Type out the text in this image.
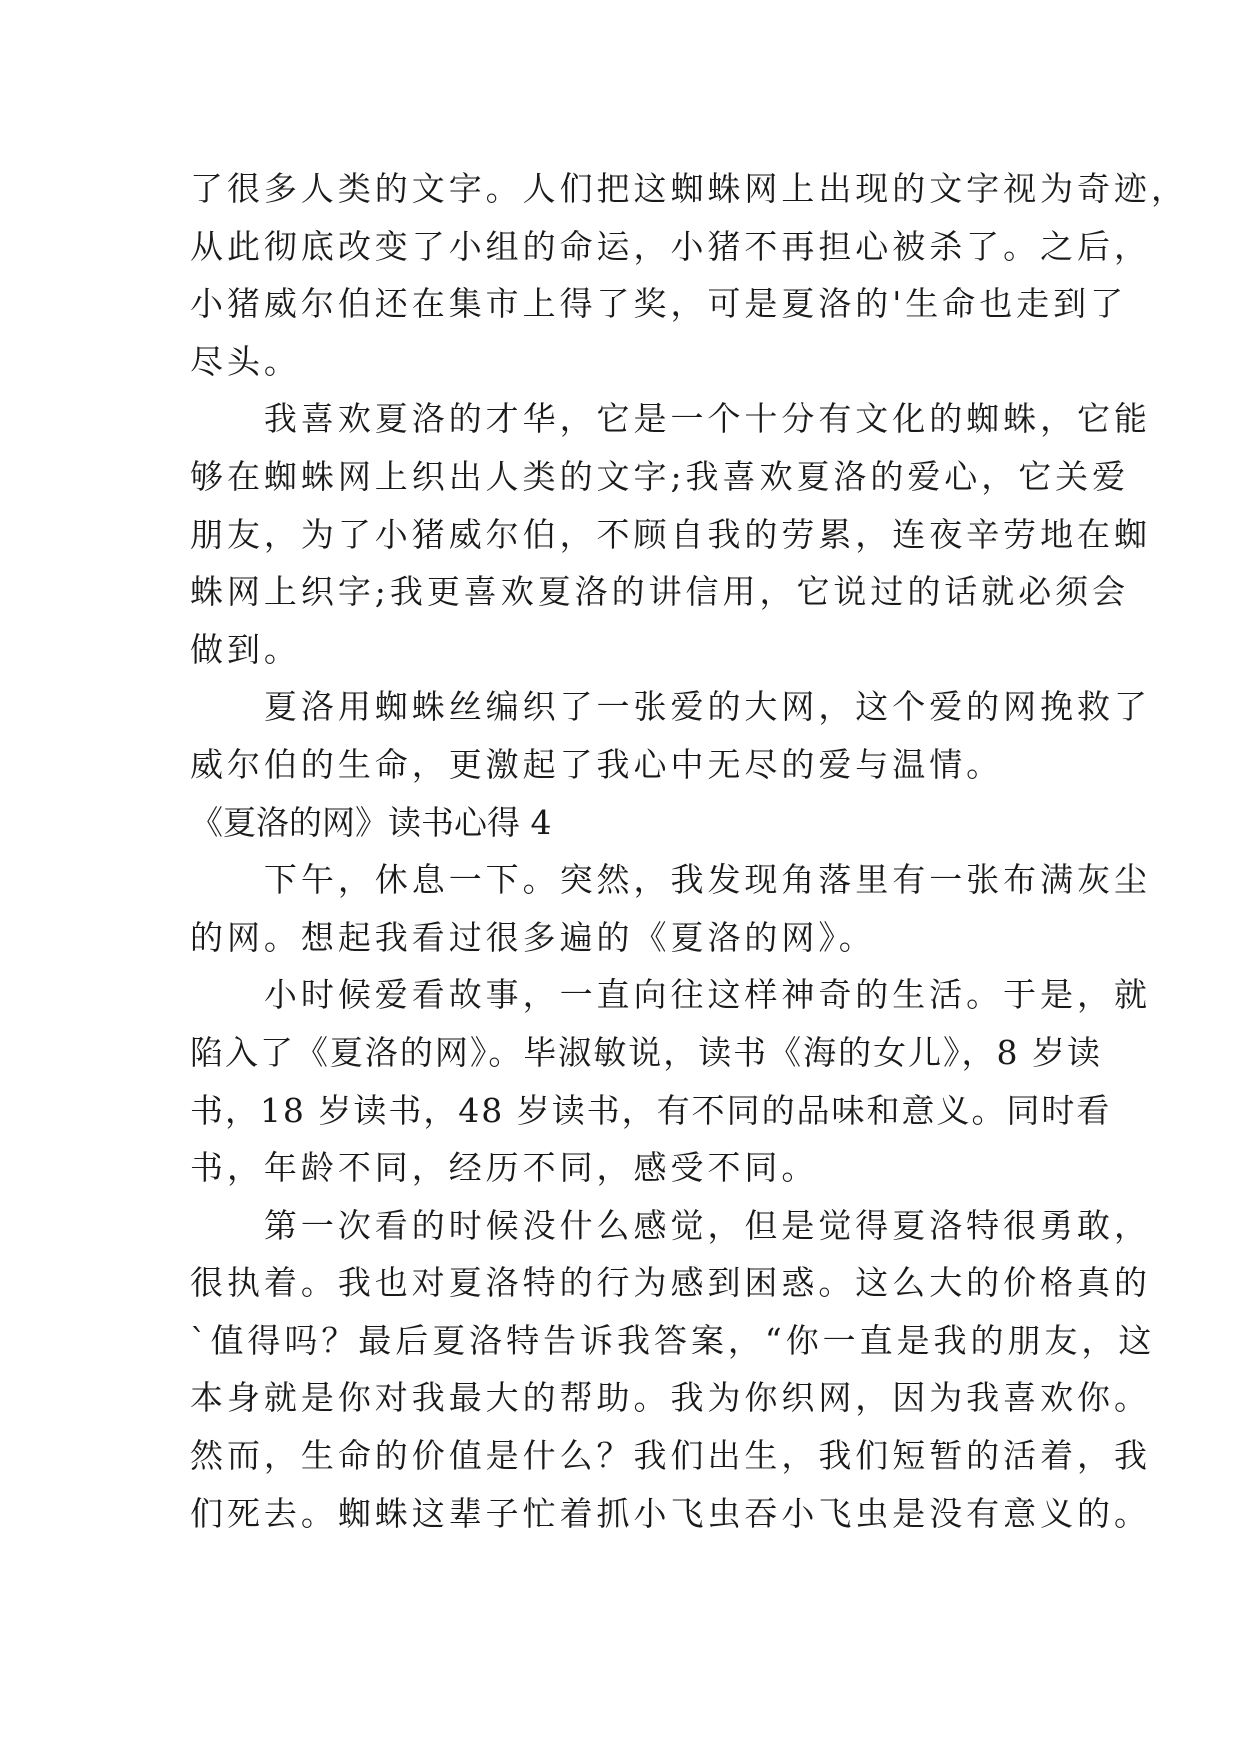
了很多人类的文字。人们把这蜘蛛网上出现的文字视为奇迹，
从此彻底改变了小组的命运，小猪不再担心被杀了。之后，
小猪威尔伯还在集市上得了奖，可是夏洛的'生命也走到了
尽头。
　　我喜欢夏洛的才华，它是一个十分有文化的蜘蛛，它能
够在蜘蛛网上织出人类的文字;我喜欢夏洛的爱心，它关爱
朋友，为了小猪威尔伯，不顾自我的劳累，连夜辛劳地在蜘
蛛网上织字;我更喜欢夏洛的讲信用，它说过的话就必须会
做到。
　　夏洛用蜘蛛丝编织了一张爱的大网，这个爱的网挽救了
威尔伯的生命，更激起了我心中无尽的爱与温情。
《夏洛的网》读书心得 4
　　下午，休息一下。突然，我发现角落里有一张布满灰尘
的网。想起我看过很多遍的《夏洛的网》。
　　小时候爱看故事，一直向往这样神奇的生活。于是，就
陷入了《夏洛的网》。毕淑敏说，读书《海的女儿》，8 岁读
书，18 岁读书，48 岁读书，有不同的品味和意义。同时看
书，年龄不同，经历不同，感受不同。
　　第一次看的时候没什么感觉，但是觉得夏洛特很勇敢，
很执着。我也对夏洛特的行为感到困惑。这么大的价格真的
`值得吗？最后夏洛特告诉我答案，“你一直是我的朋友，这
本身就是你对我最大的帮助。我为你织网，因为我喜欢你。
然而，生命的价值是什么？我们出生，我们短暂的活着，我
们死去。蜘蛛这辈子忙着抓小飞虫吞小飞虫是没有意义的。
